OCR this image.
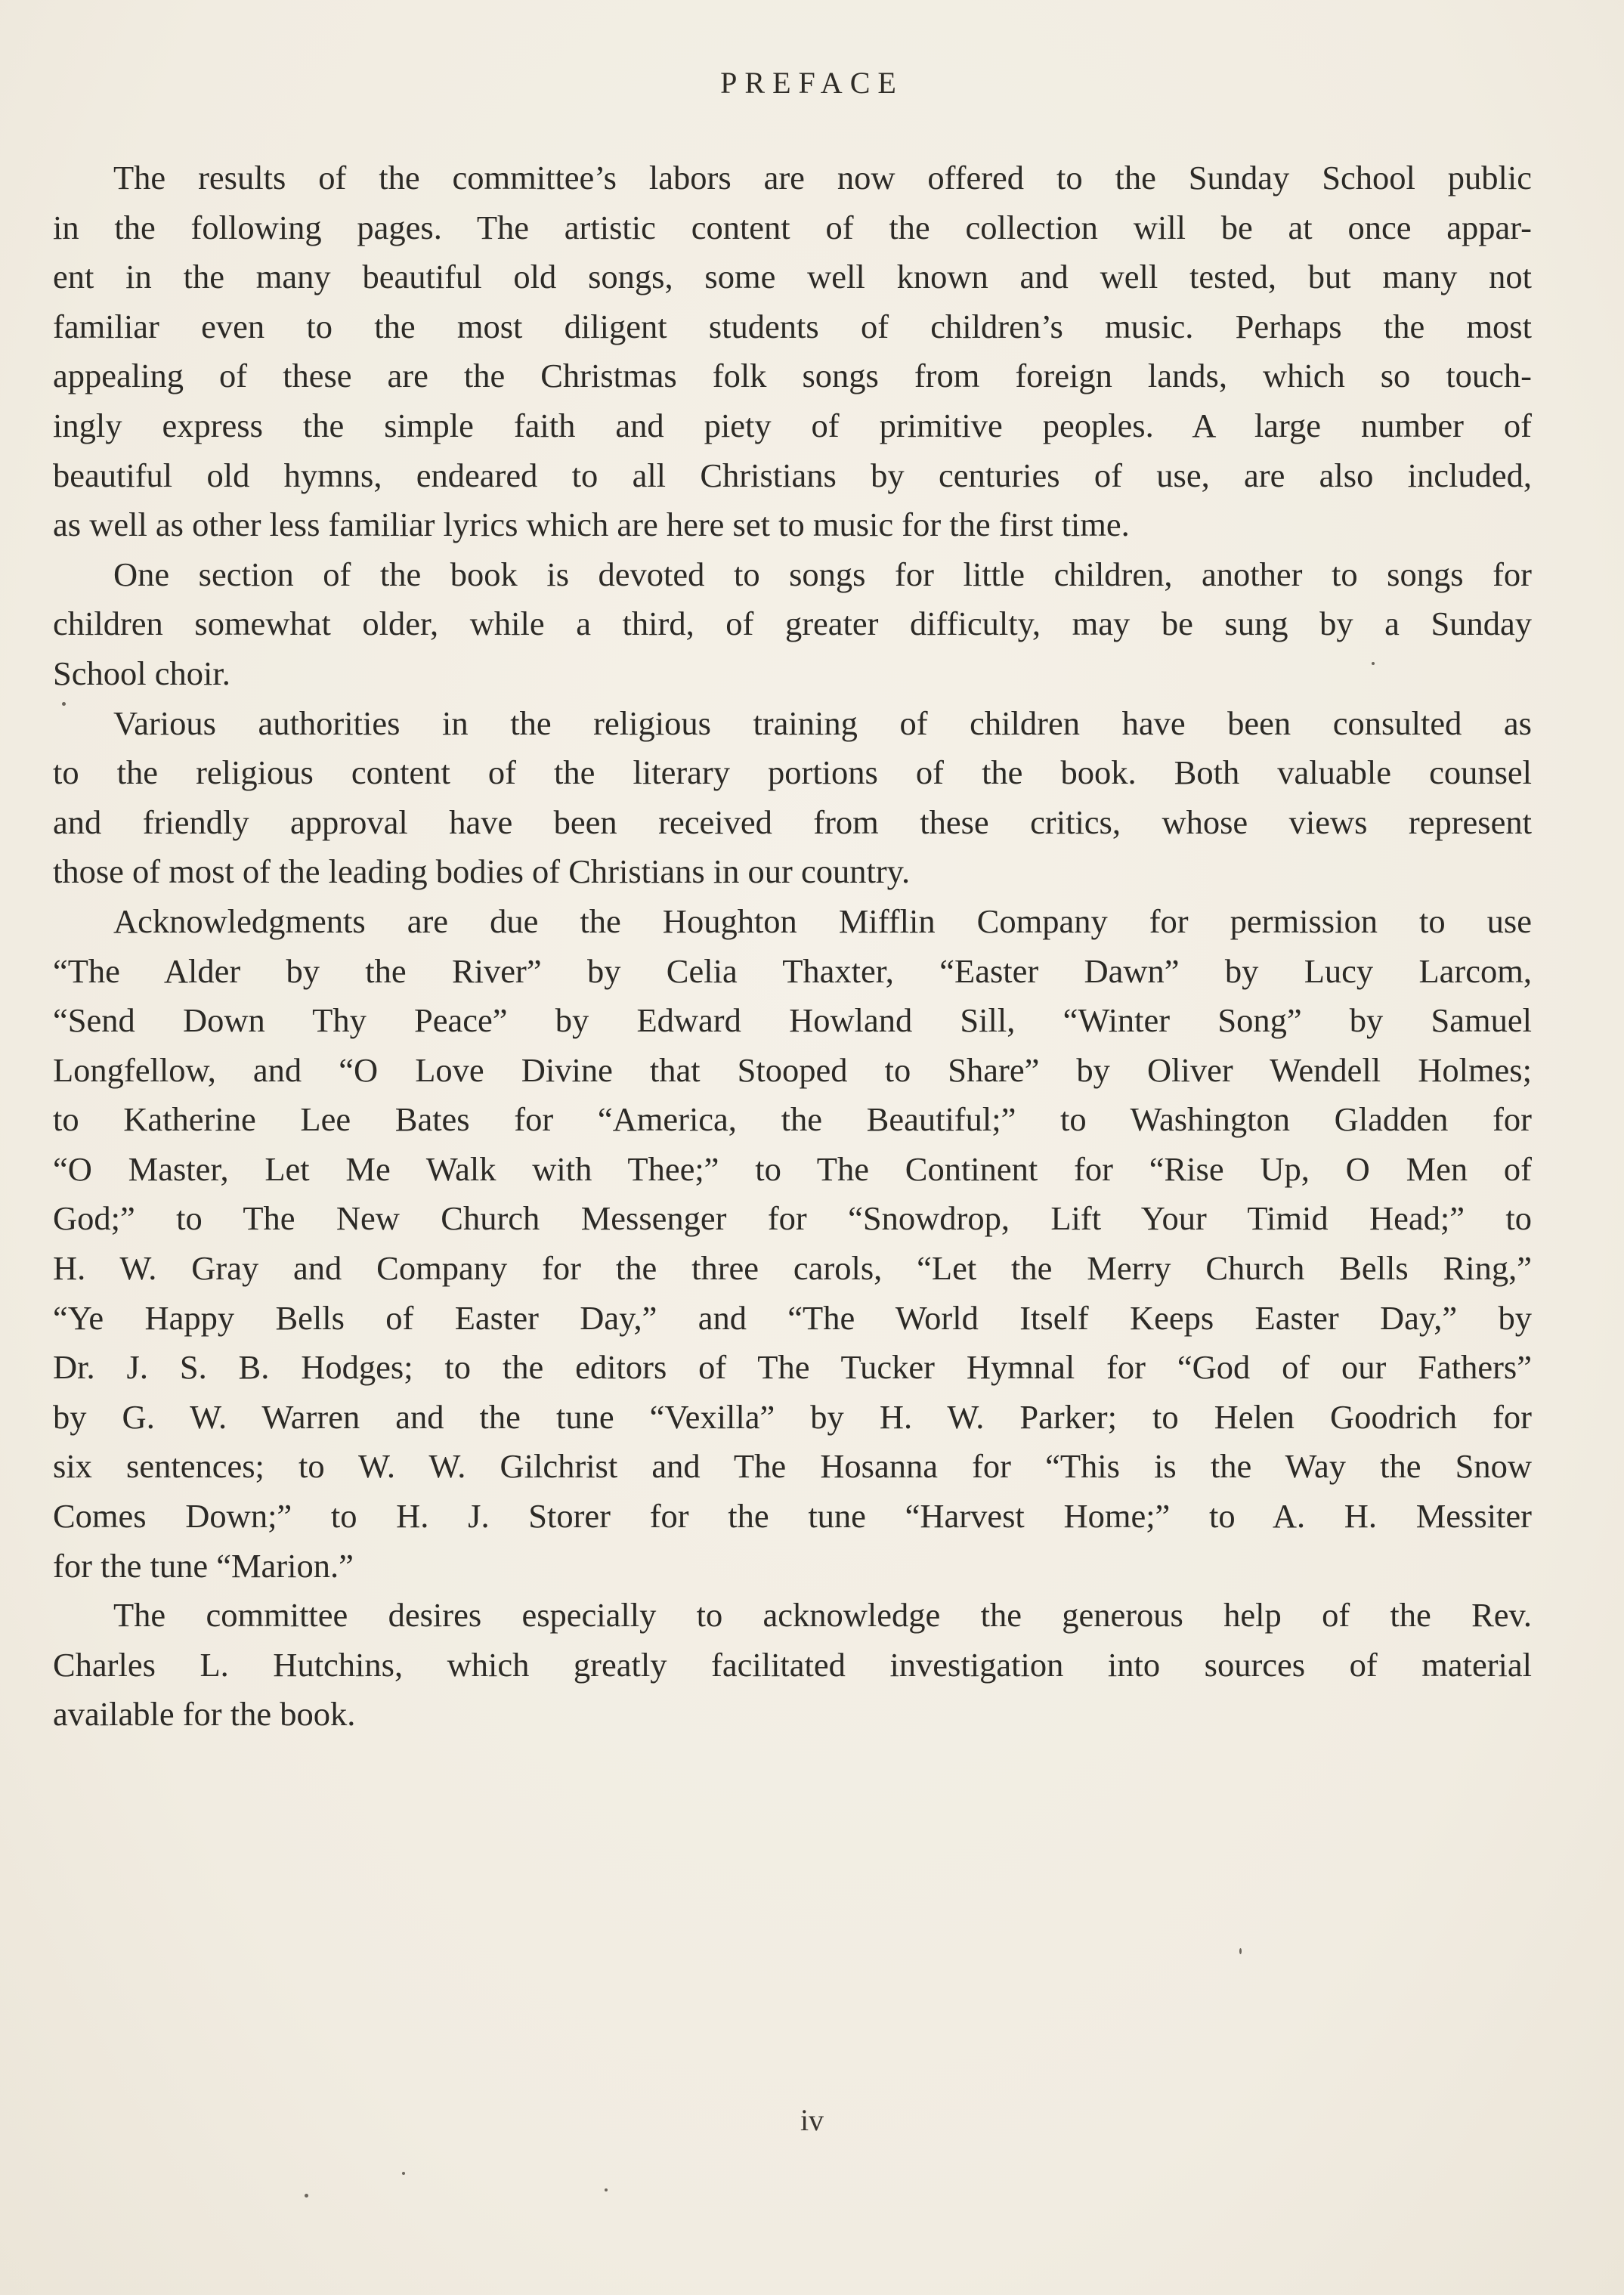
PREFACE
The results of the committee’s labors are now offered to the Sunday School public
in the following pages. The artistic content of the collection will be at once appar-
ent in the many beautiful old songs, some well known and well tested, but many not
familiar even to the most diligent students of children’s music. Perhaps the most
appealing of these are the Christmas folk songs from foreign lands, which so touch-
ingly express the simple faith and piety of primitive peoples. A large number of
beautiful old hymns, endeared to all Christians by centuries of use, are also included,
as well as other less familiar lyrics which are here set to music for the first time.
One section of the book is devoted to songs for little children, another to songs for
children somewhat older, while a third, of greater difficulty, may be sung by a Sunday
School choir.
Various authorities in the religious training of children have been consulted as
to the religious content of the literary portions of the book. Both valuable counsel
and friendly approval have been received from these critics, whose views represent
those of most of the leading bodies of Christians in our country.
Acknowledgments are due the Houghton Mifflin Company for permission to use
“The Alder by the River” by Celia Thaxter, “Easter Dawn” by Lucy Larcom,
“Send Down Thy Peace” by Edward Howland Sill, “Winter Song” by Samuel
Longfellow, and “O Love Divine that Stooped to Share” by Oliver Wendell Holmes;
to Katherine Lee Bates for “America, the Beautiful;” to Washington Gladden for
“O Master, Let Me Walk with Thee;” to The Continent for “Rise Up, O Men of
God;” to The New Church Messenger for “Snowdrop, Lift Your Timid Head;” to
H. W. Gray and Company for the three carols, “Let the Merry Church Bells Ring,”
“Ye Happy Bells of Easter Day,” and “The World Itself Keeps Easter Day,” by
Dr. J. S. B. Hodges; to the editors of The Tucker Hymnal for “God of our Fathers”
by G. W. Warren and the tune “Vexilla” by H. W. Parker; to Helen Goodrich for
six sentences; to W. W. Gilchrist and The Hosanna for “This is the Way the Snow
Comes Down;” to H. J. Storer for the tune “Harvest Home;” to A. H. Messiter
for the tune “Marion.”
The committee desires especially to acknowledge the generous help of the Rev.
Charles L. Hutchins, which greatly facilitated investigation into sources of material
available for the book.
iv
